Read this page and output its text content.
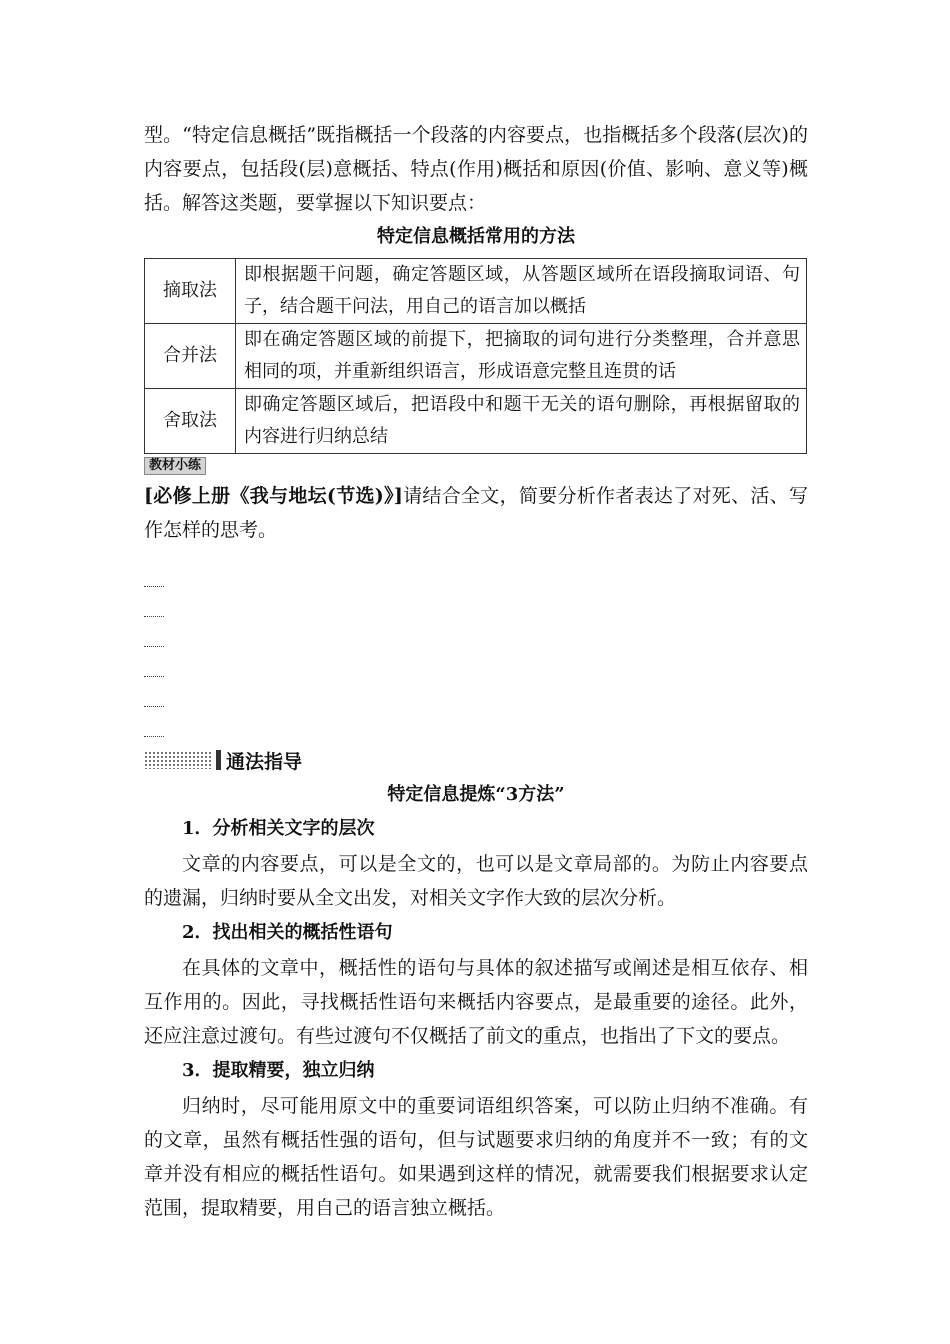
型。“特定信息概括”既指概括一个段落的内容要点，也指概括多个段落(层次)的内容要点，包括段(层)意概括、特点(作用)概括和原因(价值、影响、意义等)概括。解答这类题，要掌握以下知识要点：

特定信息概括常用的方法
摘取法	即根据题干问题，确定答题区域，从答题区域所在语段摘取词语、句子，结合题干问法，用自己的语言加以概括
合并法	即在确定答题区域的前提下，把摘取的词句进行分类整理，合并意思相同的项，并重新组织语言，形成语意完整且连贯的话
舍取法	即确定答题区域后，把语段中和题干无关的语句删除，再根据留取的内容进行归纳总结
教材小练

[必修上册《我与地坛(节选)》]请结合全文，简要分析作者表达了对死、活、写作怎样的思考。

通法指导
特定信息提炼“3方法”
1．分析相关文字的层次

文章的内容要点，可以是全文的，也可以是文章局部的。为防止内容要点的遗漏，归纳时要从全文出发，对相关文字作大致的层次分析。

2．找出相关的概括性语句

在具体的文章中，概括性的语句与具体的叙述描写或阐述是相互依存、相互作用的。因此，寻找概括性语句来概括内容要点，是最重要的途径。此外，还应注意过渡句。有些过渡句不仅概括了前文的重点，也指出了下文的要点。

3．提取精要，独立归纳

归纳时，尽可能用原文中的重要词语组织答案，可以防止归纳不准确。有的文章，虽然有概括性强的语句，但与试题要求归纳的角度并不一致；有的文章并没有相应的概括性语句。如果遇到这样的情况，就需要我们根据要求认定范围，提取精要，用自己的语言独立概括。
